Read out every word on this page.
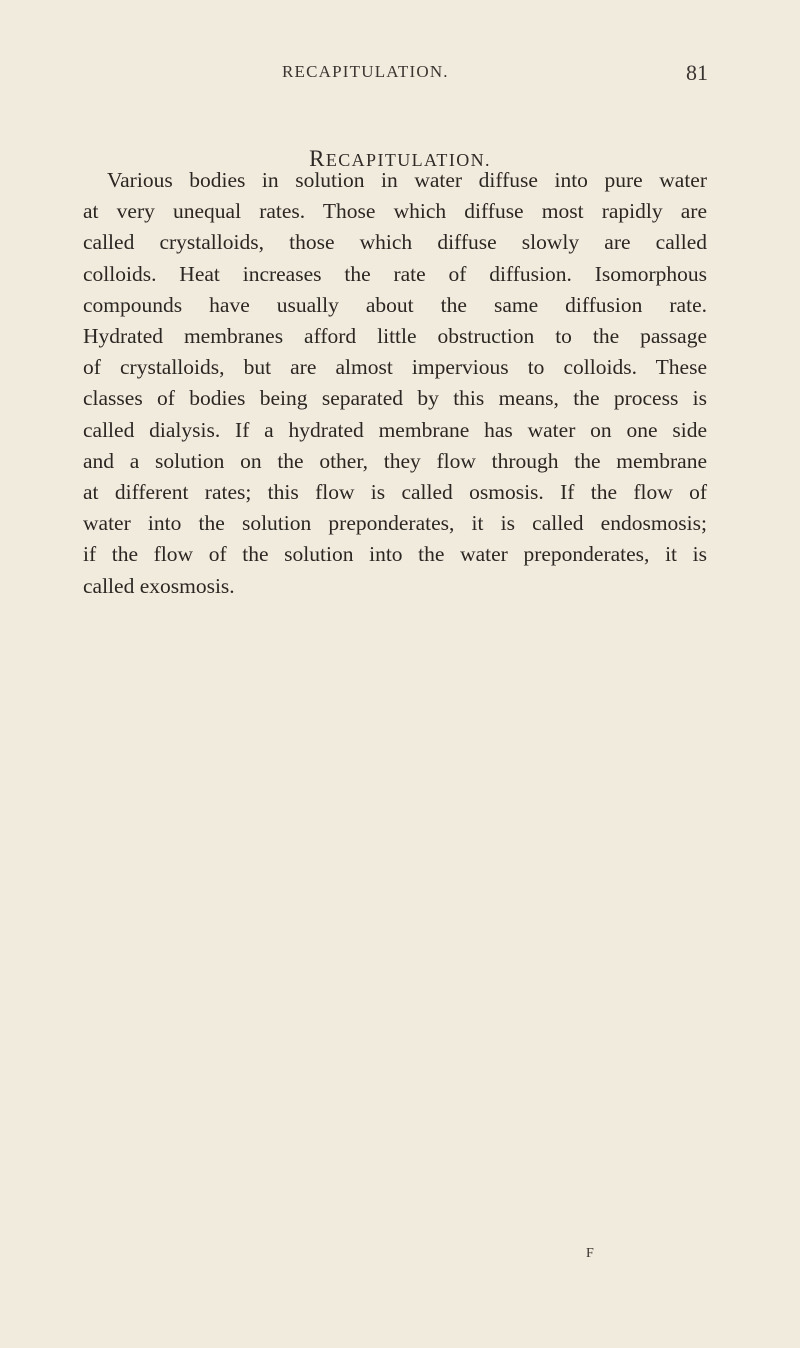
RECAPITULATION.	81
RECAPITULATION.
Various bodies in solution in water diffuse into pure water
at very unequal rates. Those which diffuse most rapidly are
called crystalloids, those which diffuse slowly are called
colloids. Heat increases the rate of diffusion. Isomorphous
compounds have usually about the same diffusion rate.
Hydrated membranes afford little obstruction to the passage
of crystalloids, but are almost impervious to colloids. These
classes of bodies being separated by this means, the process is
called dialysis. If a hydrated membrane has water on one side
and a solution on the other, they flow through the membrane
at different rates; this flow is called osmosis. If the flow of
water into the solution preponderates, it is called endosmosis;
if the flow of the solution into the water preponderates, it is
called exosmosis.
F
